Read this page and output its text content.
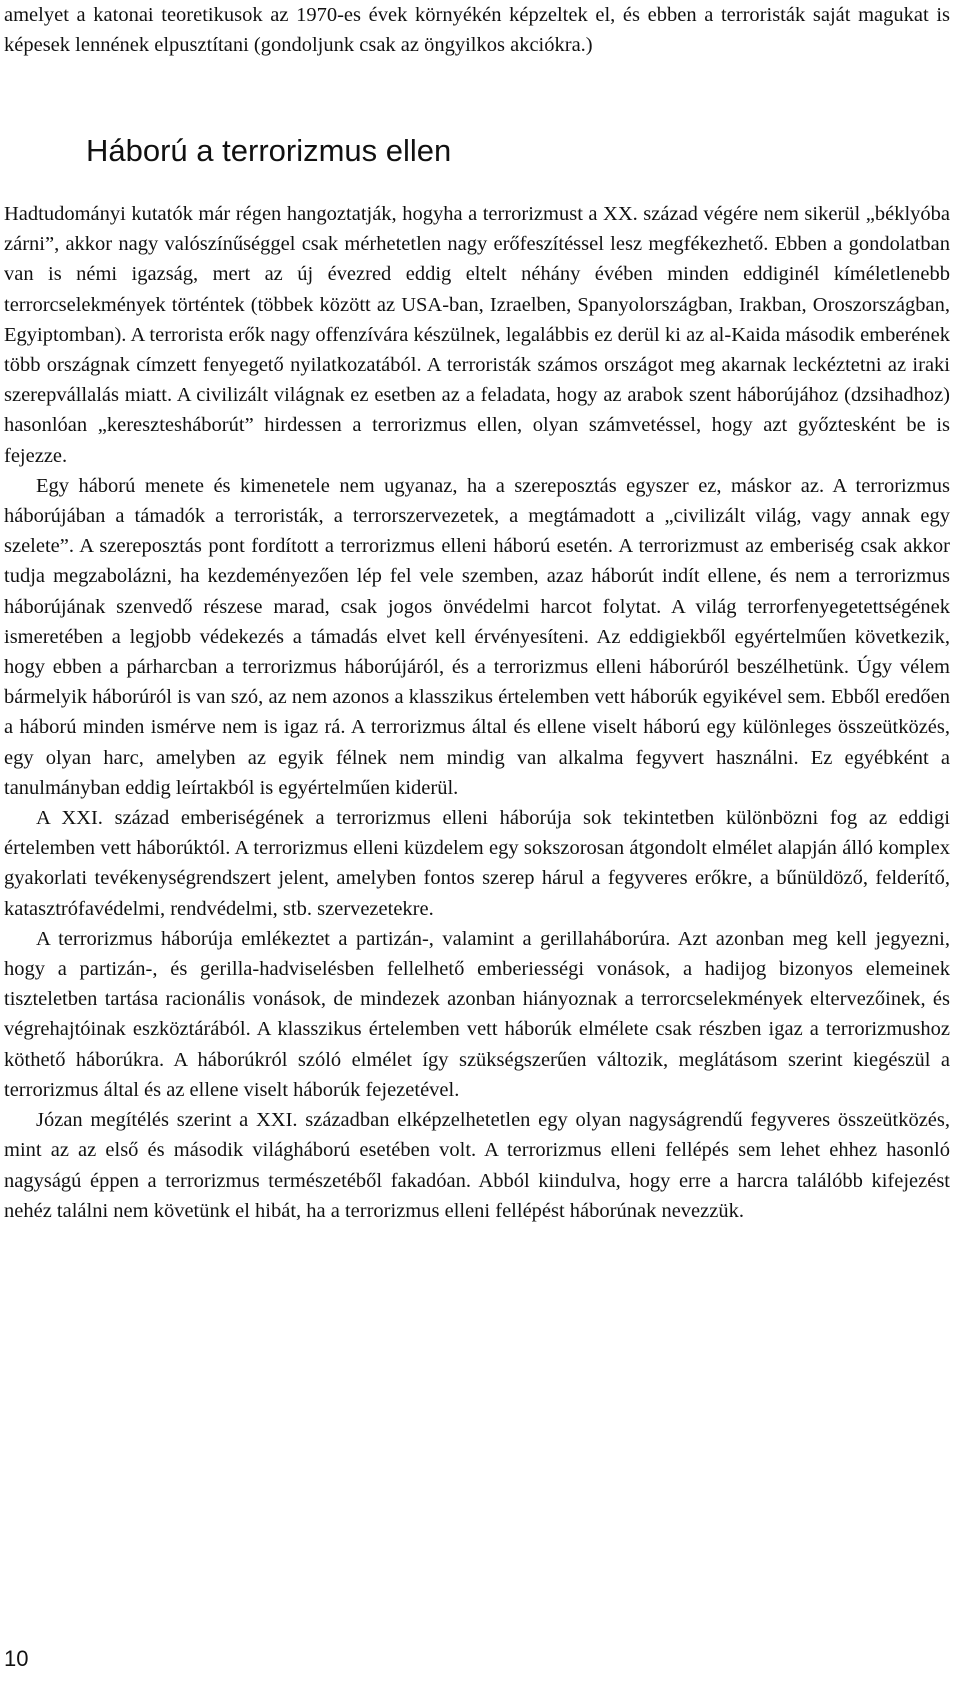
amelyet a katonai teoretikusok az 1970-es évek környékén képzeltek el, és ebben a terroristák saját magukat is képesek lennének elpusztítani (gondoljunk csak az öngyilkos akciókra.)

Háború a terrorizmus ellen

Hadtudományi kutatók már régen hangoztatják, hogyha a terrorizmust a XX. század végére nem sikerül „béklyóba zárni”, akkor nagy valószínűséggel csak mérhetetlen nagy erőfeszítéssel lesz megfékezhető. Ebben a gondolatban van is némi igazság, mert az új évezred eddig eltelt néhány évében minden eddiginél kíméletlenebb terrorcselekmények történtek (többek között az USA-ban, Izraelben, Spanyolországban, Irakban, Oroszországban, Egyiptomban). A terrorista erők nagy offenzívára készülnek, legalábbis ez derül ki az al-Kaida második emberének több országnak címzett fenyegető nyilatkozatából. A terroristák számos országot meg akarnak leckéztetni az iraki szerepvállalás miatt. A civilizált világnak ez esetben az a feladata, hogy az arabok szent háborújához (dzsihadhoz) hasonlóan „keresztesháborút” hirdessen a terrorizmus ellen, olyan számvetéssel, hogy azt győztesként be is fejezze.

Egy háború menete és kimenetele nem ugyanaz, ha a szereposztás egyszer ez, máskor az. A terrorizmus háborújában a támadók a terroristák, a terrorszervezetek, a megtámadott a „civilizált világ, vagy annak egy szelete”. A szereposztás pont fordított a terrorizmus elleni háború esetén. A terrorizmust az emberiség csak akkor tudja megzabolázni, ha kezdeményezően lép fel vele szemben, azaz háborút indít ellene, és nem a terrorizmus háborújának szenvedő részese marad, csak jogos önvédelmi harcot folytat. A világ terrorfenyegetettségének ismeretében a legjobb védekezés a támadás elvet kell érvényesíteni. Az eddigiekből egyértelműen következik, hogy ebben a párharcban a terrorizmus háborújáról, és a terrorizmus elleni háborúról beszélhetünk. Úgy vélem bármelyik háborúról is van szó, az nem azonos a klasszikus értelemben vett háborúk egyikével sem. Ebből eredően a háború minden ismérve nem is igaz rá. A terrorizmus által és ellene viselt háború egy különleges összeütközés, egy olyan harc, amelyben az egyik félnek nem mindig van alkalma fegyvert használni. Ez egyébként a tanulmányban eddig leírtakból is egyértelműen kiderül.

A XXI. század emberiségének a terrorizmus elleni háborúja sok tekintetben különbözni fog az eddigi értelemben vett háborúktól. A terrorizmus elleni küzdelem egy sokszorosan átgondolt elmélet alapján álló komplex gyakorlati tevékenységrendszert jelent, amelyben fontos szerep hárul a fegyveres erőkre, a bűnüldöző, felderítő, katasztrófavédelmi, rendvédelmi, stb. szervezetekre.

A terrorizmus háborúja emlékeztet a partizán-, valamint a gerillaháborúra. Azt azonban meg kell jegyezni, hogy a partizán-, és gerilla-hadviselésben fellelhető emberiességi vonások, a hadijog bizonyos elemeinek tiszteletben tartása racionális vonások, de mindezek azonban hiányoznak a terrorcselekmények eltervezőinek, és végrehajtóinak eszköztárából. A klasszikus értelemben vett háborúk elmélete csak részben igaz a terrorizmushoz köthető háborúkra. A háborúkról szóló elmélet így szükségszerűen változik, meglátásom szerint kiegészül a terrorizmus által és az ellene viselt háborúk fejezetével.

Józan megítélés szerint a XXI. században elképzelhetetlen egy olyan nagyságrendű fegyveres összeütközés, mint az az első és második világháború esetében volt. A terrorizmus elleni fellépés sem lehet ehhez hasonló nagyságú éppen a terrorizmus természetéből fakadóan. Abból kiindulva, hogy erre a harcra találóbb kifejezést nehéz találni nem követünk el hibát, ha a terrorizmus elleni fellépést háborúnak nevezzük.

10
